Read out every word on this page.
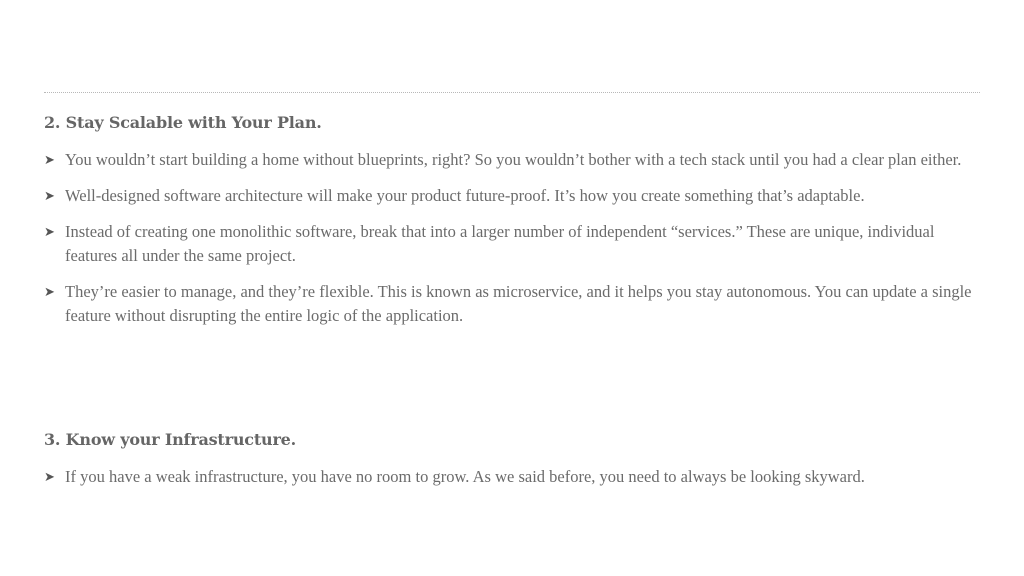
2. Stay Scalable with Your Plan.
➤ You wouldn’t start building a home without blueprints, right? So you wouldn’t bother with a tech stack until you had a clear plan either.
➤ Well-designed software architecture will make your product future-proof. It’s how you create something that’s adaptable.
➤ Instead of creating one monolithic software, break that into a larger number of independent “services.” These are unique, individual features all under the same project.
➤ They’re easier to manage, and they’re flexible. This is known as microservice, and it helps you stay autonomous. You can update a single feature without disrupting the entire logic of the application.
3. Know your Infrastructure.
➤ If you have a weak infrastructure, you have no room to grow. As we said before, you need to always be looking skyward.
